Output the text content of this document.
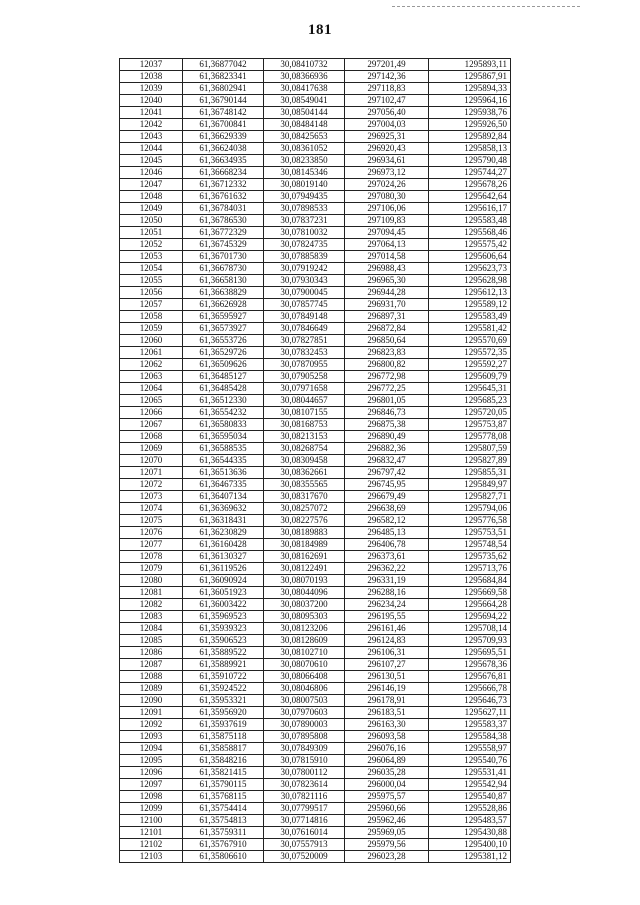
181
12037	61,36877042	30,08410732	297201,49	1295893,11
12038	61,36823341	30,08366936	297142,36	1295867,91
12039	61,36802941	30,08417638	297118,83	1295894,33
12040	61,36790144	30,08549041	297102,47	1295964,16
12041	61,36748142	30,08504144	297056,40	1295938,76
12042	61,36700841	30,08484148	297004,03	1295926,50
12043	61,36629339	30,08425653	296925,31	1295892,84
12044	61,36624038	30,08361052	296920,43	1295858,13
12045	61,36634935	30,08233850	296934,61	1295790,48
12046	61,36668234	30,08145346	296973,12	1295744,27
12047	61,36712332	30,08019140	297024,26	1295678,26
12048	61,36761632	30,07949435	297080,30	1295642,64
12049	61,36784031	30,07898533	297106,06	1295616,17
12050	61,36786530	30,07837231	297109,83	1295583,48
12051	61,36772329	30,07810032	297094,45	1295568,46
12052	61,36745329	30,07824735	297064,13	1295575,42
12053	61,36701730	30,07885839	297014,58	1295606,64
12054	61,36678730	30,07919242	296988,43	1295623,73
12055	61,36658130	30,07930343	296965,30	1295628,98
12056	61,36638829	30,07900045	296944,28	1295612,13
12057	61,36626928	30,07857745	296931,70	1295589,12
12058	61,36595927	30,07849148	296897,31	1295583,49
12059	61,36573927	30,07846649	296872,84	1295581,42
12060	61,36553726	30,07827851	296850,64	1295570,69
12061	61,36529726	30,07832453	296823,83	1295572,35
12062	61,36509626	30,07870955	296800,82	1295592,27
12063	61,36485127	30,07905258	296772,98	1295609,79
12064	61,36485428	30,07971658	296772,25	1295645,31
12065	61,36512330	30,08044657	296801,05	1295685,23
12066	61,36554232	30,08107155	296846,73	1295720,05
12067	61,36580833	30,08168753	296875,38	1295753,87
12068	61,36595034	30,08213153	296890,49	1295778,08
12069	61,36588535	30,08268754	296882,36	1295807,59
12070	61,36544335	30,08309458	296832,47	1295827,89
12071	61,36513636	30,08362661	296797,42	1295855,31
12072	61,36467335	30,08355565	296745,95	1295849,97
12073	61,36407134	30,08317670	296679,49	1295827,71
12074	61,36369632	30,08257072	296638,69	1295794,06
12075	61,36318431	30,08227576	296582,12	1295776,58
12076	61,36230829	30,08189883	296485,13	1295753,51
12077	61,36160428	30,08184989	296406,78	1295748,54
12078	61,36130327	30,08162691	296373,61	1295735,62
12079	61,36119526	30,08122491	296362,22	1295713,76
12080	61,36090924	30,08070193	296331,19	1295684,84
12081	61,36051923	30,08044096	296288,16	1295669,58
12082	61,36003422	30,08037200	296234,24	1295664,28
12083	61,35969523	30,08095303	296195,55	1295694,22
12084	61,35939323	30,08123206	296161,46	1295708,14
12085	61,35906523	30,08128609	296124,83	1295709,93
12086	61,35889522	30,08102710	296106,31	1295695,51
12087	61,35889921	30,08070610	296107,27	1295678,36
12088	61,35910722	30,08066408	296130,51	1295676,81
12089	61,35924522	30,08046806	296146,19	1295666,78
12090	61,35953321	30,08007503	296178,91	1295646,73
12091	61,35956920	30,07970603	296183,51	1295627,11
12092	61,35937619	30,07890003	296163,30	1295583,37
12093	61,35875118	30,07895808	296093,58	1295584,38
12094	61,35858817	30,07849309	296076,16	1295558,97
12095	61,35848216	30,07815910	296064,89	1295540,76
12096	61,35821415	30,07800112	296035,28	1295531,41
12097	61,35790115	30,07823614	296000,04	1295542,94
12098	61,35768115	30,07821116	295975,57	1295540,87
12099	61,35754414	30,07799517	295960,66	1295528,86
12100	61,35754813	30,07714816	295962,46	1295483,57
12101	61,35759311	30,07616014	295969,05	1295430,88
12102	61,35767910	30,07557913	295979,56	1295400,10
12103	61,35806610	30,07520009	296023,28	1295381,12
